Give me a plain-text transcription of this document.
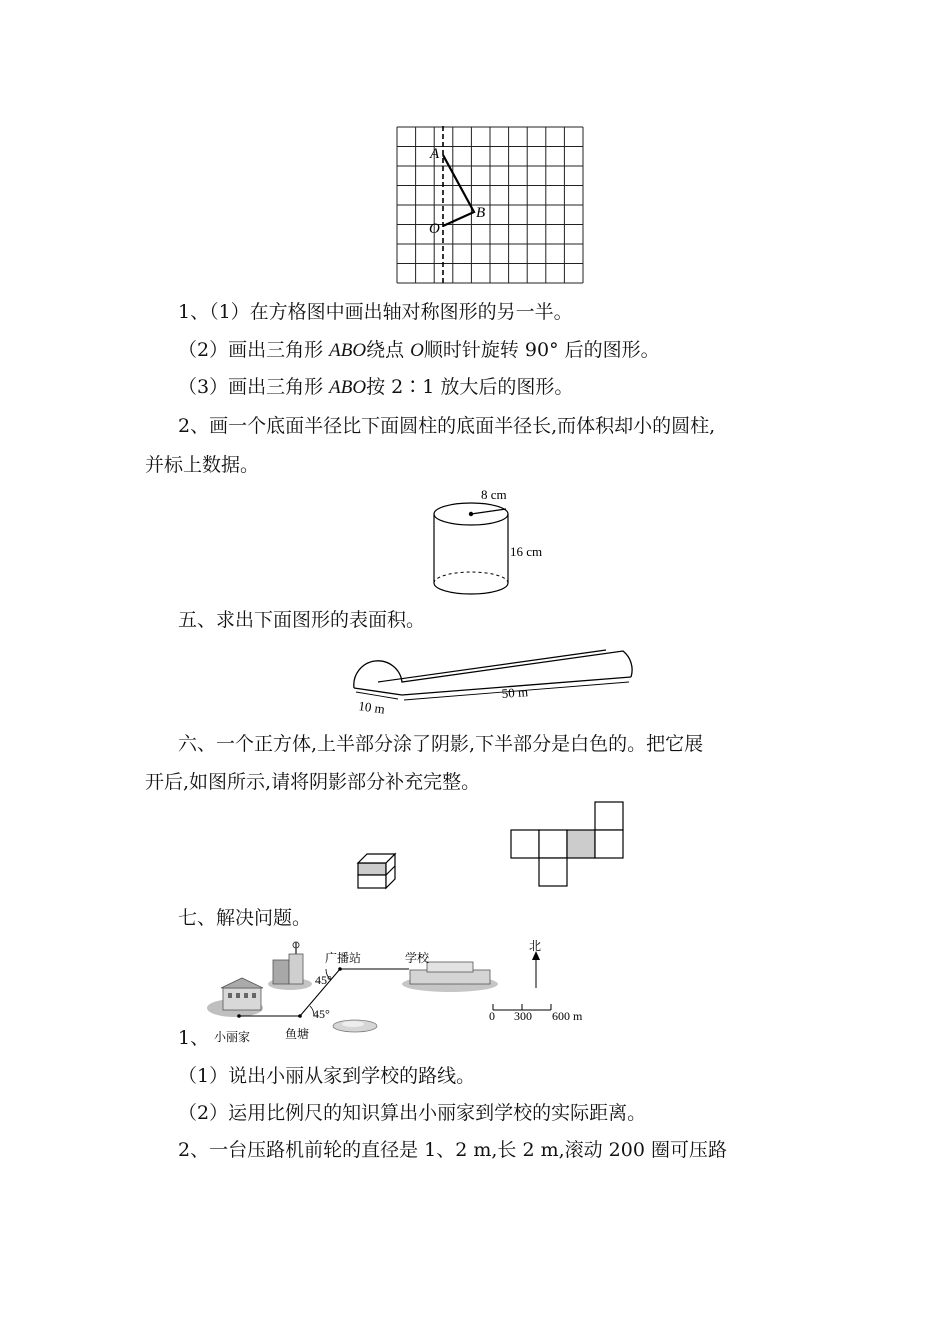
A
B
O
1、（1）在方格图中画出轴对称图形的另一半。
（2）画出三角形 ABO绕点 O顺时针旋转 90° 后的图形。
（3）画出三角形 ABO按 2∶1 放大后的图形。
2、画一个底面半径比下面圆柱的底面半径长,而体积却小的圆柱,
并标上数据。
8 cm
16 cm
五、求出下面图形的表面积。
10 m
50 m
六、一个正方体,上半部分涂了阴影,下半部分是白色的。把它展
开后,如图所示,请将阴影部分补充完整。
七、解决问题。
45°
45°
广播站	学校
小丽家	鱼塘
北
0 300 600 m
1、
（1）说出小丽从家到学校的路线。
（2）运用比例尺的知识算出小丽家到学校的实际距离。
2、一台压路机前轮的直径是 1、2 m,长 2 m,滚动 200 圈可压路
